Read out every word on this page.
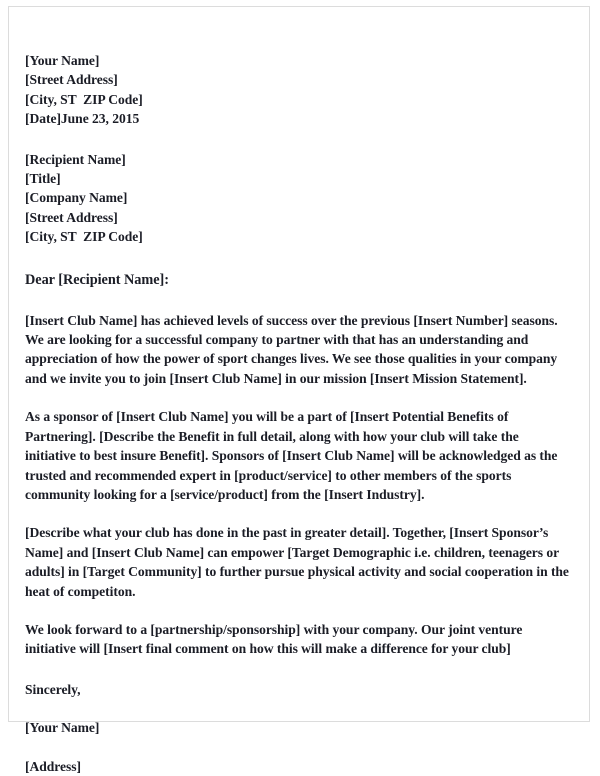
[Your Name]
[Street Address]
[City, ST  ZIP Code]
[Date]June 23, 2015
[Recipient Name]
[Title]
[Company Name]
[Street Address]
[City, ST  ZIP Code]
Dear [Recipient Name]:

[Insert Club Name] has achieved levels of success over the previous [Insert Number] seasons. We are looking for a successful company to partner with that has an understanding and appreciation of how the power of sport changes lives. We see those qualities in your company and we invite you to join [Insert Club Name] in our mission [Insert Mission Statement].

As a sponsor of [Insert Club Name] you will be a part of [Insert Potential Benefits of Partnering]. [Describe the Benefit in full detail, along with how your club will take the initiative to best insure Benefit]. Sponsors of [Insert Club Name] will be acknowledged as the trusted and recommended expert in [product/service] to other members of the sports community looking for a [service/product] from the [Insert Industry].

[Describe what your club has done in the past in greater detail]. Together, [Insert Sponsor’s Name] and [Insert Club Name] can empower [Target Demographic i.e. children, teenagers or adults] in [Target Community] to further pursue physical activity and social cooperation in the heat of competiton.

We look forward to a [partnership/sponsorship] with your company. Our joint venture initiative will [Insert final comment on how this will make a difference for your club]

Sincerely,
[Your Name]
[Address]
